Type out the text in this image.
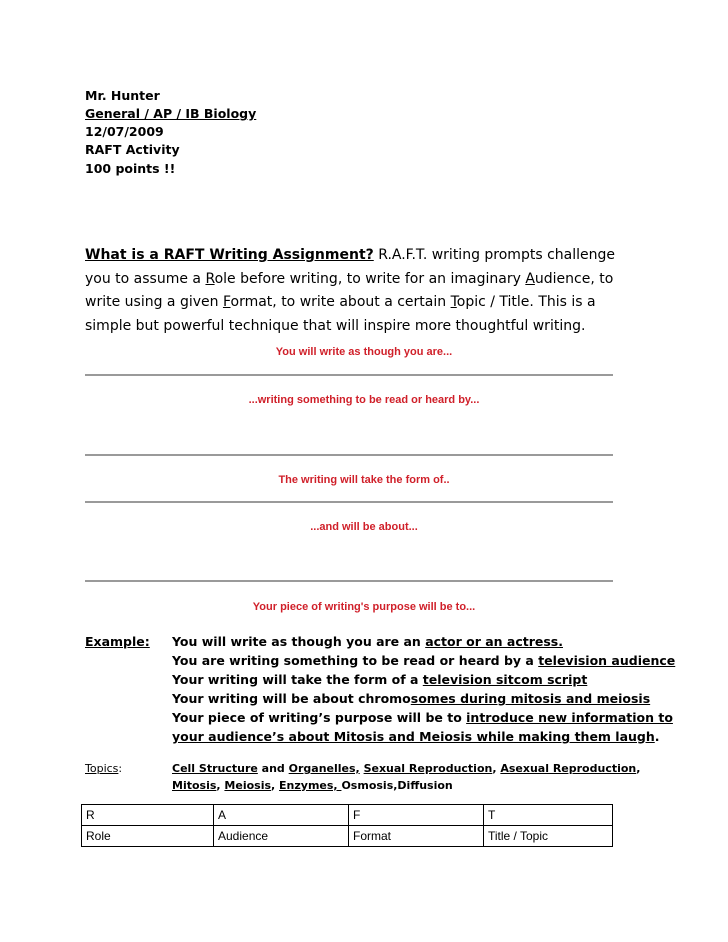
Mr. Hunter
General / AP / IB Biology
12/07/2009
RAFT Activity
100 points !!
What is a RAFT Writing Assignment? R.A.F.T. writing prompts challenge you to assume a Role before writing, to write for an imaginary Audience, to write using a given Format, to write about a certain Topic / Title. This is a simple but powerful technique that will inspire more thoughtful writing.
You will write as though you are...
...writing something to be read or heard by...
The writing will take the form of..
...and will be about...
Your piece of writing's purpose will be to...
Example: You will write as though you are an actor or an actress.
You are writing something to be read or heard by a television audience
Your writing will take the form of a television sitcom script
Your writing will be about chromosomes during mitosis and meiosis
Your piece of writing’s purpose will be to introduce new information to
your audience’s about Mitosis and Meiosis while making them laugh.
Topics:	Cell Structure and Organelles, Sexual Reproduction, Asexual Reproduction,
Mitosis, Meiosis, Enzymes, Osmosis,Diffusion
R	A	F	T
Role	Audience	Format	Title / Topic
